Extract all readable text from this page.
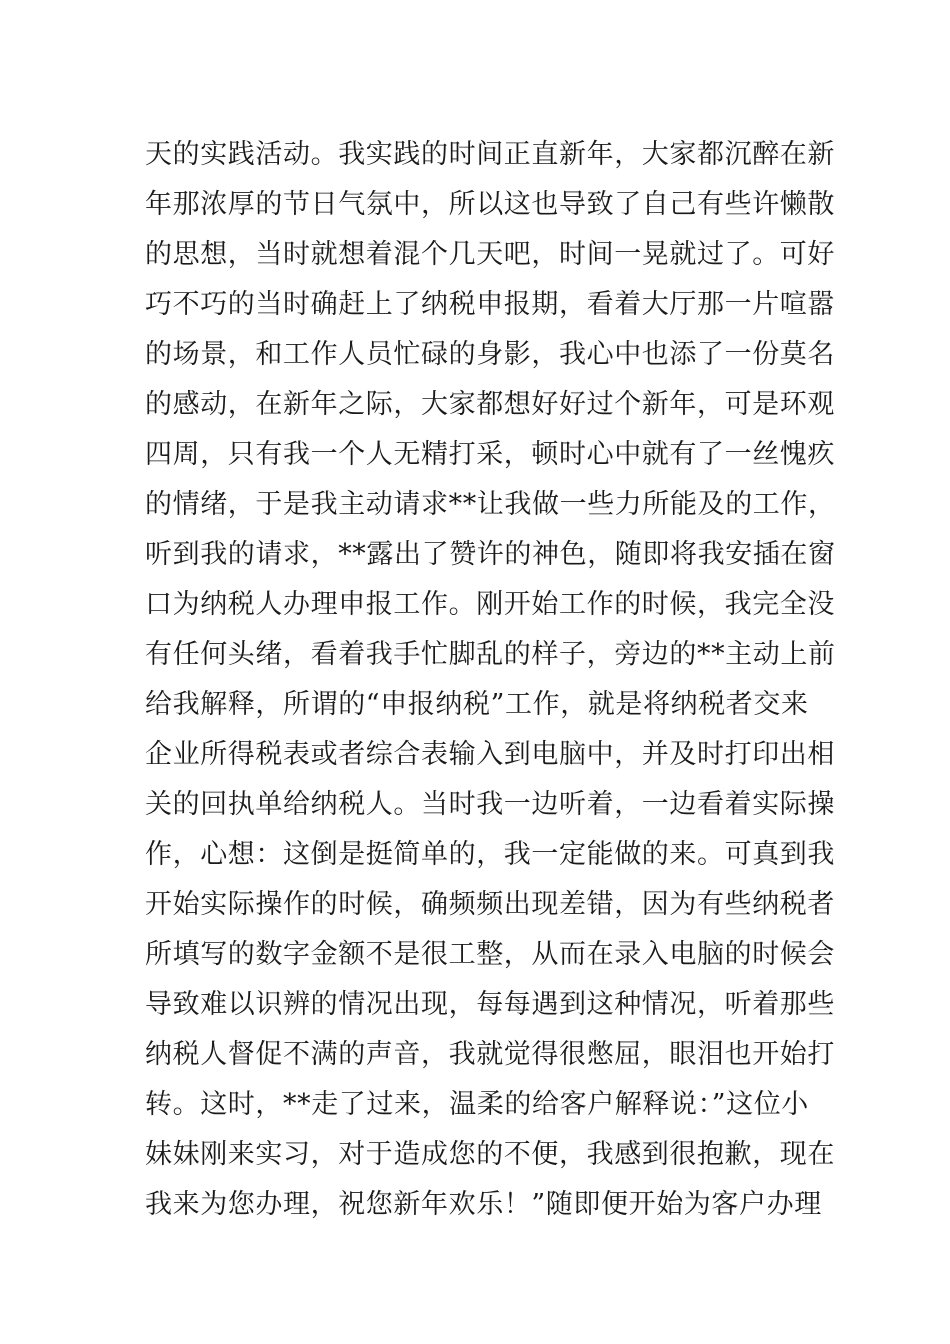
天的实践活动。我实践的时间正直新年，大家都沉醉在新
年那浓厚的节日气氛中，所以这也导致了自己有些许懒散
的思想，当时就想着混个几天吧，时间一晃就过了。可好
巧不巧的当时确赶上了纳税申报期，看着大厅那一片喧嚣
的场景，和工作人员忙碌的身影，我心中也添了一份莫名
的感动，在新年之际，大家都想好好过个新年，可是环观
四周，只有我一个人无精打采，顿时心中就有了一丝愧疚
的情绪，于是我主动请求**让我做一些力所能及的工作，
听到我的请求，**露出了赞许的神色，随即将我安插在窗
口为纳税人办理申报工作。刚开始工作的时候，我完全没
有任何头绪，看着我手忙脚乱的样子，旁边的**主动上前
给我解释，所谓的“申报纳税”工作，就是将纳税者交来
企业所得税表或者综合表输入到电脑中，并及时打印出相
关的回执单给纳税人。当时我一边听着，一边看着实际操
作，心想：这倒是挺简单的，我一定能做的来。可真到我
开始实际操作的时候，确频频出现差错，因为有些纳税者
所填写的数字金额不是很工整，从而在录入电脑的时候会
导致难以识辨的情况出现，每每遇到这种情况，听着那些
纳税人督促不满的声音，我就觉得很憋屈，眼泪也开始打
转。这时，**走了过来，温柔的给客户解释说：”这位小
妹妹刚来实习，对于造成您的不便，我感到很抱歉，现在
我来为您办理，祝您新年欢乐！”随即便开始为客户办理
